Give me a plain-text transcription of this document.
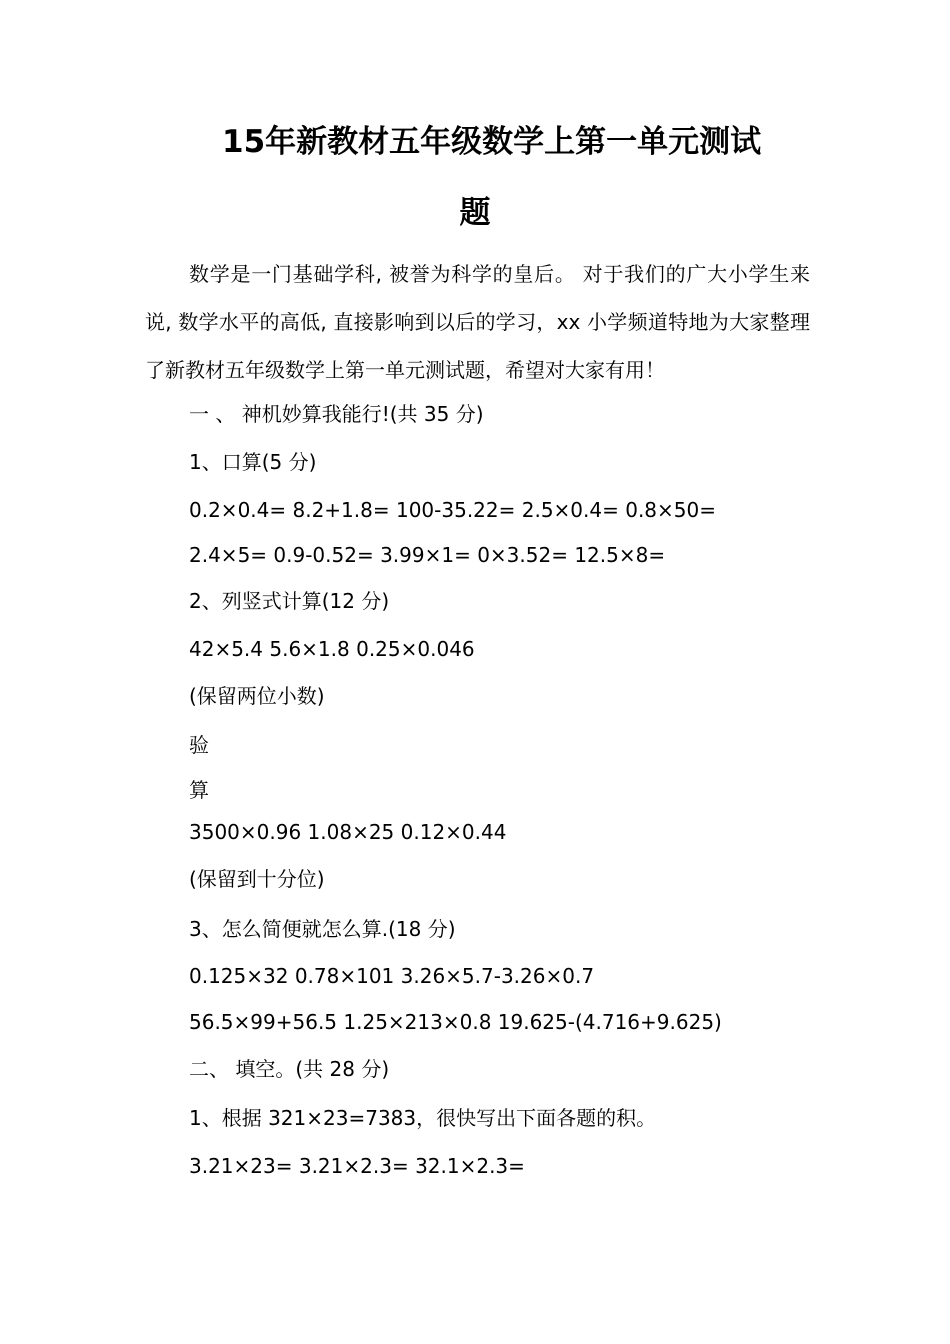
15年新教材五年级数学上第一单元测试
题
数学是一门基础学科, 被誉为科学的皇后。 对于我们的广大小学生来说, 数学水平的高低, 直接影响到以后的学习，xx 小学频道特地为大家整理了新教材五年级数学上第一单元测试题，希望对大家有用！
一 、 神机妙算我能行!(共 35 分)
1、口算(5 分)
0.2×0.4= 8.2+1.8= 100-35.22= 2.5×0.4= 0.8×50=
2.4×5= 0.9-0.52= 3.99×1= 0×3.52= 12.5×8=
2、列竖式计算(12 分)
42×5.4 5.6×1.8 0.25×0.046
(保留两位小数)
验
算
3500×0.96 1.08×25 0.12×0.44
(保留到十分位)
3、怎么简便就怎么算.(18 分)
0.125×32 0.78×101 3.26×5.7-3.26×0.7
56.5×99+56.5 1.25×213×0.8 19.625-(4.716+9.625)
二、 填空。(共 28 分)
1、根据 321×23=7383，很快写出下面各题的积。
3.21×23= 3.21×2.3= 32.1×2.3=
